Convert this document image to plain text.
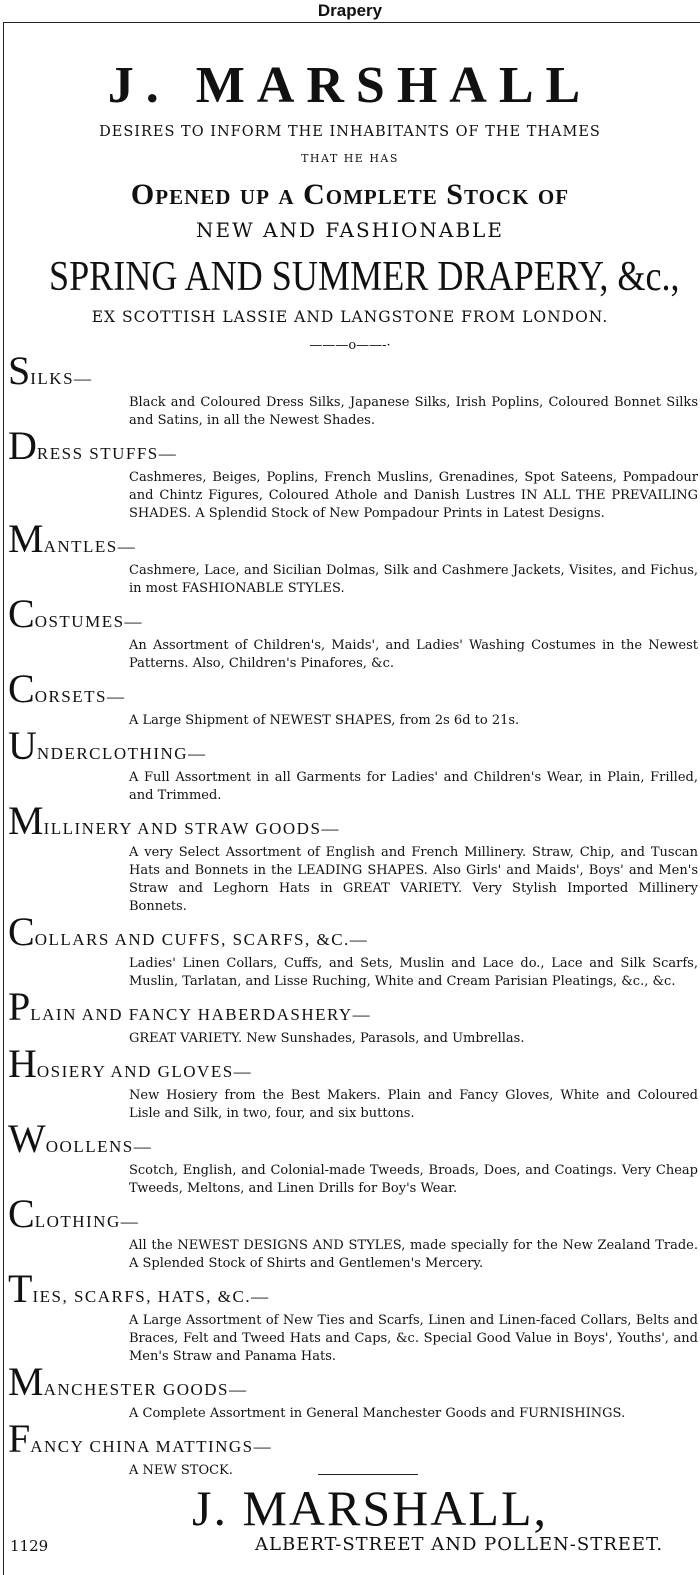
Drapery
J. MARSHALL
DESIRES TO INFORM THE INHABITANTS OF THE THAMES
THAT HE HAS
Opened up a Complete Stock of
NEW AND FASHIONABLE
SPRING AND SUMMER DRAPERY, &c.,
EX SCOTTISH LASSIE AND LANGSTONE FROM LONDON.
———o——-·
SILKS—
Black and Coloured Dress Silks, Japanese Silks, Irish Poplins, Coloured Bonnet Silks and Satins, in all the Newest Shades.
DRESS STUFFS—
Cashmeres, Beiges, Poplins, French Muslins, Grenadines, Spot Sateens, Pompadour and Chintz Figures, Coloured Athole and Danish Lustres IN ALL THE PREVAILING SHADES. A Splendid Stock of New Pompadour Prints in Latest Designs.
MANTLES—
Cashmere, Lace, and Sicilian Dolmas, Silk and Cashmere Jackets, Visites, and Fichus, in most FASHIONABLE STYLES.
COSTUMES—
An Assortment of Children's, Maids', and Ladies' Washing Costumes in the Newest Patterns. Also, Children's Pinafores, &c.
CORSETS—
A Large Shipment of NEWEST SHAPES, from 2s 6d to 21s.
UNDERCLOTHING—
A Full Assortment in all Garments for Ladies' and Children's Wear, in Plain, Frilled, and Trimmed.
MILLINERY AND STRAW GOODS—
A very Select Assortment of English and French Millinery. Straw, Chip, and Tuscan Hats and Bonnets in the LEADING SHAPES. Also Girls' and Maids', Boys' and Men's Straw and Leghorn Hats in GREAT VARIETY. Very Stylish Imported Millinery Bonnets.
COLLARS AND CUFFS, SCARFS, &C.—
Ladies' Linen Collars, Cuffs, and Sets, Muslin and Lace do., Lace and Silk Scarfs, Muslin, Tarlatan, and Lisse Ruching, White and Cream Parisian Pleatings, &c., &c.
PLAIN AND FANCY HABERDASHERY—
GREAT VARIETY. New Sunshades, Parasols, and Umbrellas.
HOSIERY AND GLOVES—
New Hosiery from the Best Makers. Plain and Fancy Gloves, White and Coloured Lisle and Silk, in two, four, and six buttons.
WOOLLENS—
Scotch, English, and Colonial-made Tweeds, Broads, Does, and Coatings. Very Cheap Tweeds, Meltons, and Linen Drills for Boy's Wear.
CLOTHING—
All the NEWEST DESIGNS AND STYLES, made specially for the New Zealand Trade. A Splended Stock of Shirts and Gentlemen's Mercery.
TIES, SCARFS, HATS, &C.—
A Large Assortment of New Ties and Scarfs, Linen and Linen-faced Collars, Belts and Braces, Felt and Tweed Hats and Caps, &c. Special Good Value in Boys', Youths', and Men's Straw and Panama Hats.
MANCHESTER GOODS—
A Complete Assortment in General Manchester Goods and FURNISHINGS.
FANCY CHINA MATTINGS—
A NEW STOCK.
J. MARSHALL,
1129	ALBERT-STREET AND POLLEN-STREET.
